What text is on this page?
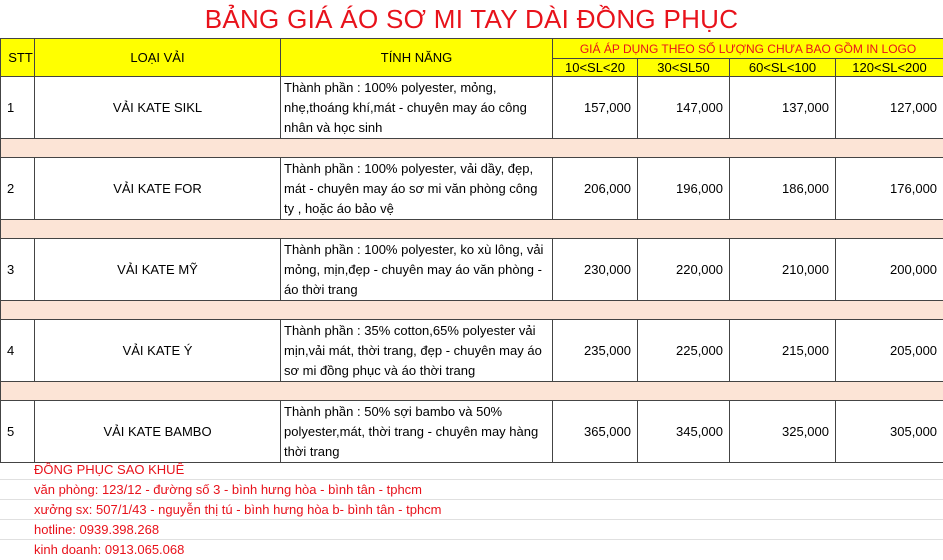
BẢNG GIÁ ÁO SƠ MI TAY DÀI ĐỒNG PHỤC
STT	LOẠI VẢI	TÍNH NĂNG	GIÁ ÁP DỤNG THEO SỐ LƯỢNG CHƯA BAO GỒM IN LOGO			
			10<SL<20	30<SL50	60<SL<100	120<SL<200
1	VẢI KATE SIKL	Thành phần : 100% polyester, mỏng, nhẹ,thoáng khí,mát - chuyên may áo công nhân và học sinh	157,000	147,000	137,000	127,000

2	VẢI KATE FOR	Thành phần : 100% polyester, vải dầy, đẹp, mát - chuyên may áo sơ mi văn phòng công ty , hoặc áo bảo vệ	206,000	196,000	186,000	176,000

3	VẢI KATE MỸ	Thành phần : 100% polyester, ko xù lông, vải mỏng, mịn,đẹp - chuyên may áo văn phòng - áo thời trang	230,000	220,000	210,000	200,000

4	VẢI KATE Ý	Thành phần : 35% cotton,65% polyester vải mịn,vải mát, thời trang, đẹp - chuyên may áo sơ mi đồng phục và áo thời trang	235,000	225,000	215,000	205,000

5	VẢI KATE BAMBO	Thành phần : 50% sợi bambo và 50% polyester,mát, thời trang - chuyên may hàng thời trang	365,000	345,000	325,000	305,000
ĐỒNG PHỤC SAO KHUÊ
văn phòng: 123/12 - đường số 3 - bình hưng hòa - bình tân - tphcm
xưởng sx: 507/1/43 - nguyễn thị tú - bình hưng hòa b- bình tân - tphcm
hotline: 0939.398.268
kinh doanh: 0913.065.068
